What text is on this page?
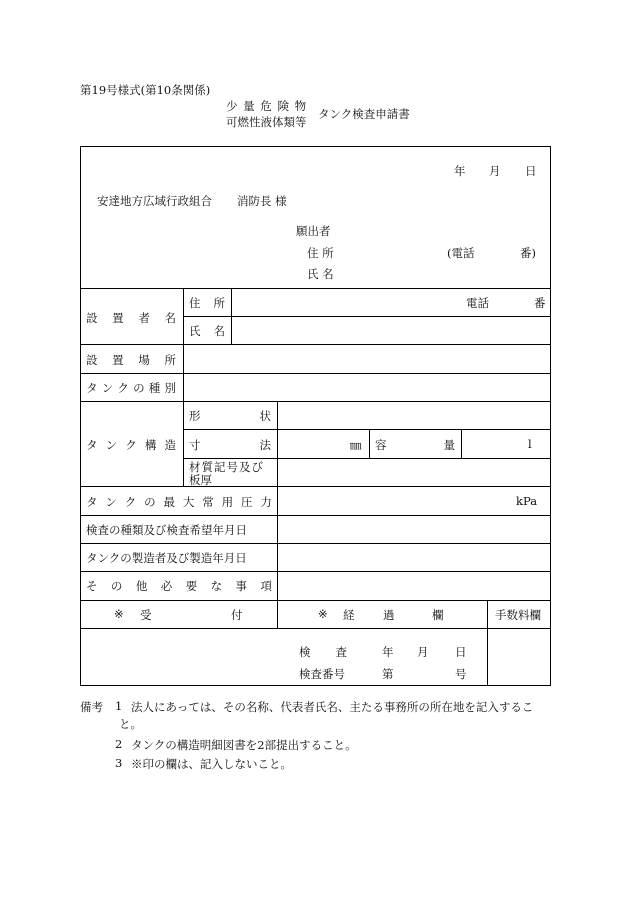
第19号様式(第10条関係)
少 量 危 険 物
可燃性液体類等
タンク検査申請書
年 月 日
安達地方広域行政組合 消防長 様
願出者
住 所	(電話	番)
氏 名
設 置 者 名
住 所	電話	番
氏 名
設 置 場 所
タ ン ク の 種 別
タ ン ク 構 造
形	状
寸	法	㎜ 容	量	l
材質記号及び
板厚
タ ン ク の 最 大 常 用 圧 力	kPa
検査の種類及び検査希望年月日
タンクの製造者及び製造年月日
そ の 他 必 要 な 事 項
※ 受	付	※ 経 過	欄	手数料欄
検 査	年 月 日
検査番号	第	号
備考 1 法人にあっては、その名称、代表者氏名、主たる事務所の所在地を記入するこ
と。
2 タンクの構造明細図書を2部提出すること。
3 ※印の欄は、記入しないこと。
